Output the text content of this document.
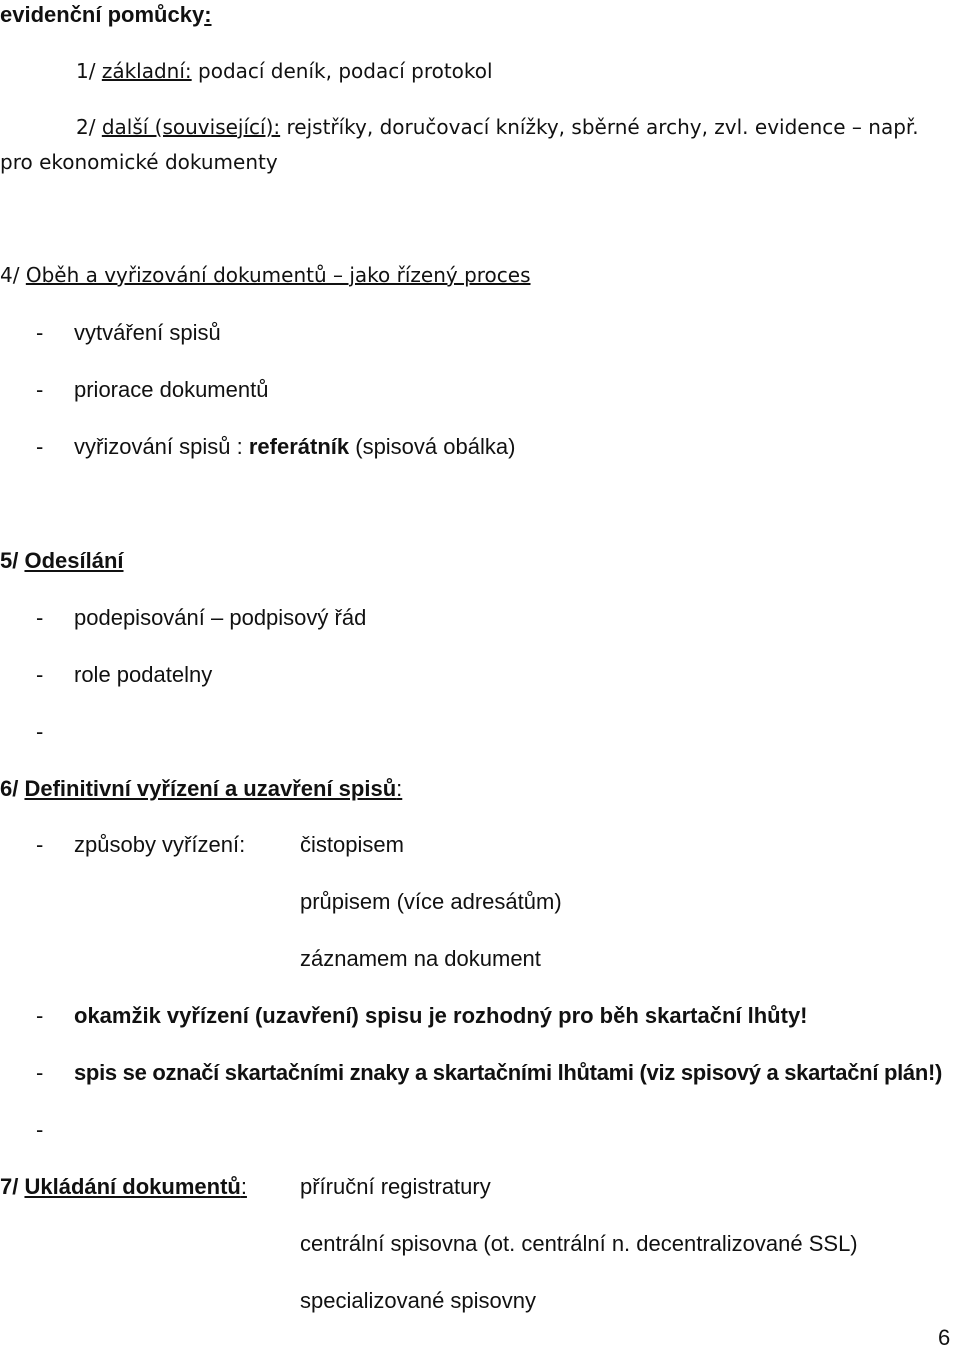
evidenční pomůcky:
1/ základní: podací deník, podací protokol
2/ další (související): rejstříky, doručovací knížky, sběrné archy, zvl. evidence – např.
pro ekonomické dokumenty
4/ Oběh a vyřizování dokumentů – jako řízený proces
- vytváření spisů
- priorace dokumentů
- vyřizování spisů : referátník (spisová obálka)
5/ Odesílání
- podepisování – podpisový řád
- role podatelny
-
6/ Definitivní vyřízení a uzavření spisů:
- způsoby vyřízení: čistopisem
průpisem (více adresátům)
záznamem na dokument
- okamžik vyřízení (uzavření) spisu je rozhodný pro běh skartační lhůty!
- spis se označí skartačními znaky a skartačními lhůtami (viz spisový a skartační plán!)
-
7/ Ukládání dokumentů: příruční registratury
centrální spisovna (ot. centrální n. decentralizované SSL)
specializované spisovny
6
